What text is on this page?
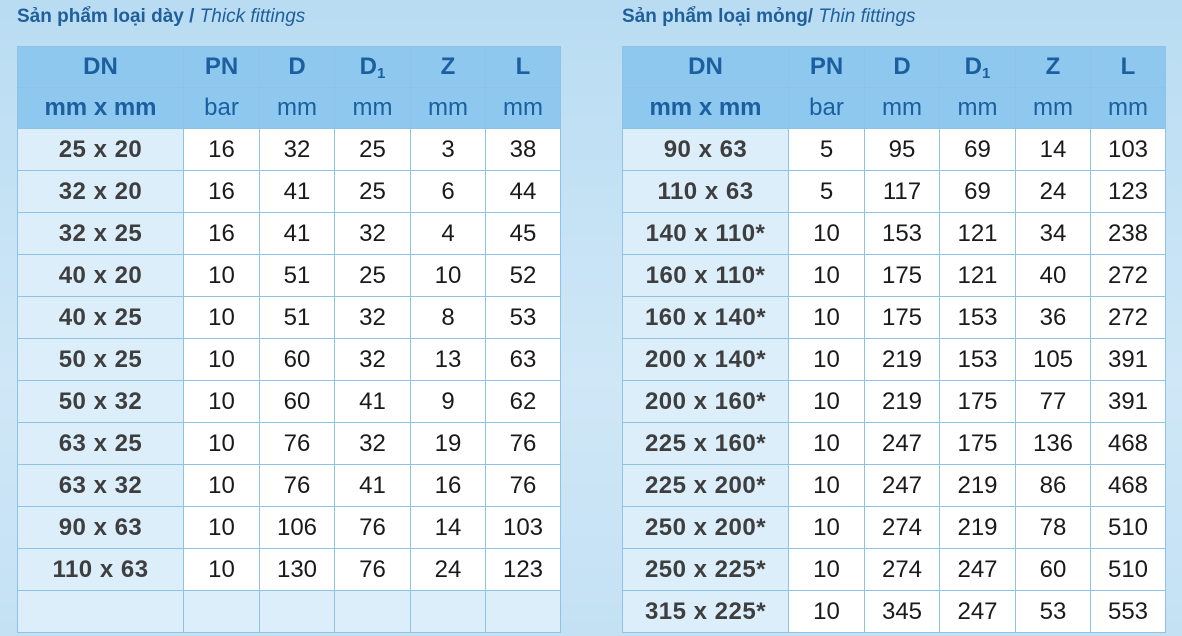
Sản phẩm loại dày / Thick fittings
DN	PN	D	$D_1$	Z	L
mm x mm	bar	mm	mm	mm	mm
25 x 20	16	32	25	3	38
32 x 20	16	41	25	6	44
32 x 25	16	41	32	4	45
40 x 20	10	51	25	10	52
40 x 25	10	51	32	8	53
50 x 25	10	60	32	13	63
50 x 32	10	60	41	9	62
63 x 25	10	76	32	19	76
63 x 32	10	76	41	16	76
90 x 63	10	106	76	14	103
110 x 63	10	130	76	24	123

Sản phẩm loại mỏng/ Thin fittings
DN	PN	D	$D_1$	Z	L
mm x mm	bar	mm	mm	mm	mm
90 x 63	5	95	69	14	103
110 x 63	5	117	69	24	123
140 x 110*	10	153	121	34	238
160 x 110*	10	175	121	40	272
160 x 140*	10	175	153	36	272
200 x 140*	10	219	153	105	391
200 x 160*	10	219	175	77	391
225 x 160*	10	247	175	136	468
225 x 200*	10	247	219	86	468
250 x 200*	10	274	219	78	510
250 x 225*	10	274	247	60	510
315 x 225*	10	345	247	53	553
